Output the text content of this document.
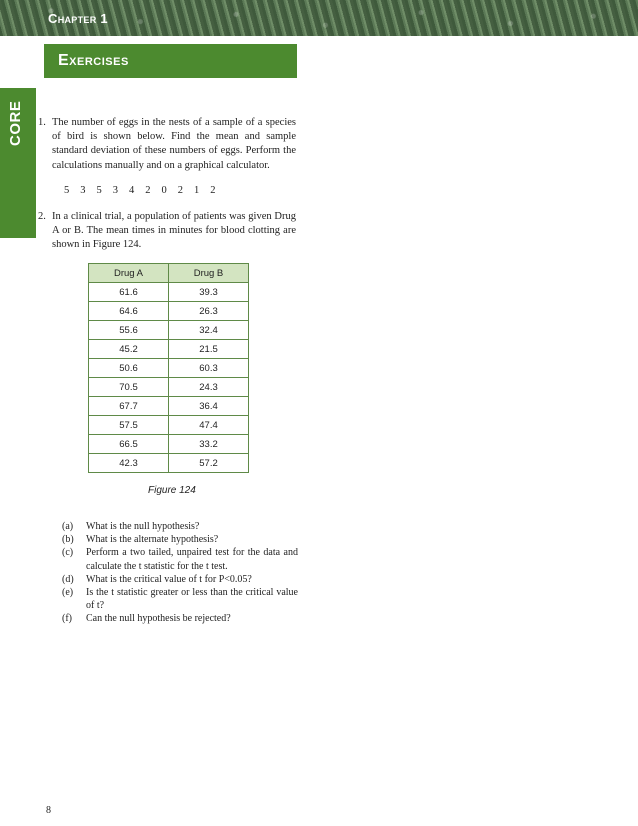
Chapter 1
Exercises
CORE 1. The number of eggs in the nests of a sample of a species of bird is shown below. Find the mean and sample standard deviation of these numbers of eggs. Perform the calculations manually and on a graphical calculator.
5 3 5 3 4 2 0 2 1 2
2. In a clinical trial, a population of patients was given Drug A or B. The mean times in minutes for blood clotting are shown in Figure 124.
Drug A	Drug B
61.6	39.3
64.6	26.3
55.6	32.4
45.2	21.5
50.6	60.3
70.5	24.3
67.7	36.4
57.5	47.4
66.5	33.2
42.3	57.2
Figure 124
(a) What is the null hypothesis?
(b) What is the alternate hypothesis?
(c) Perform a two tailed, unpaired test for the data and calculate the t statistic for the t test.
(d) What is the critical value of t for P<0.05?
(e) Is the t statistic greater or less than the critical value of t?
(f) Can the null hypothesis be rejected?
8
